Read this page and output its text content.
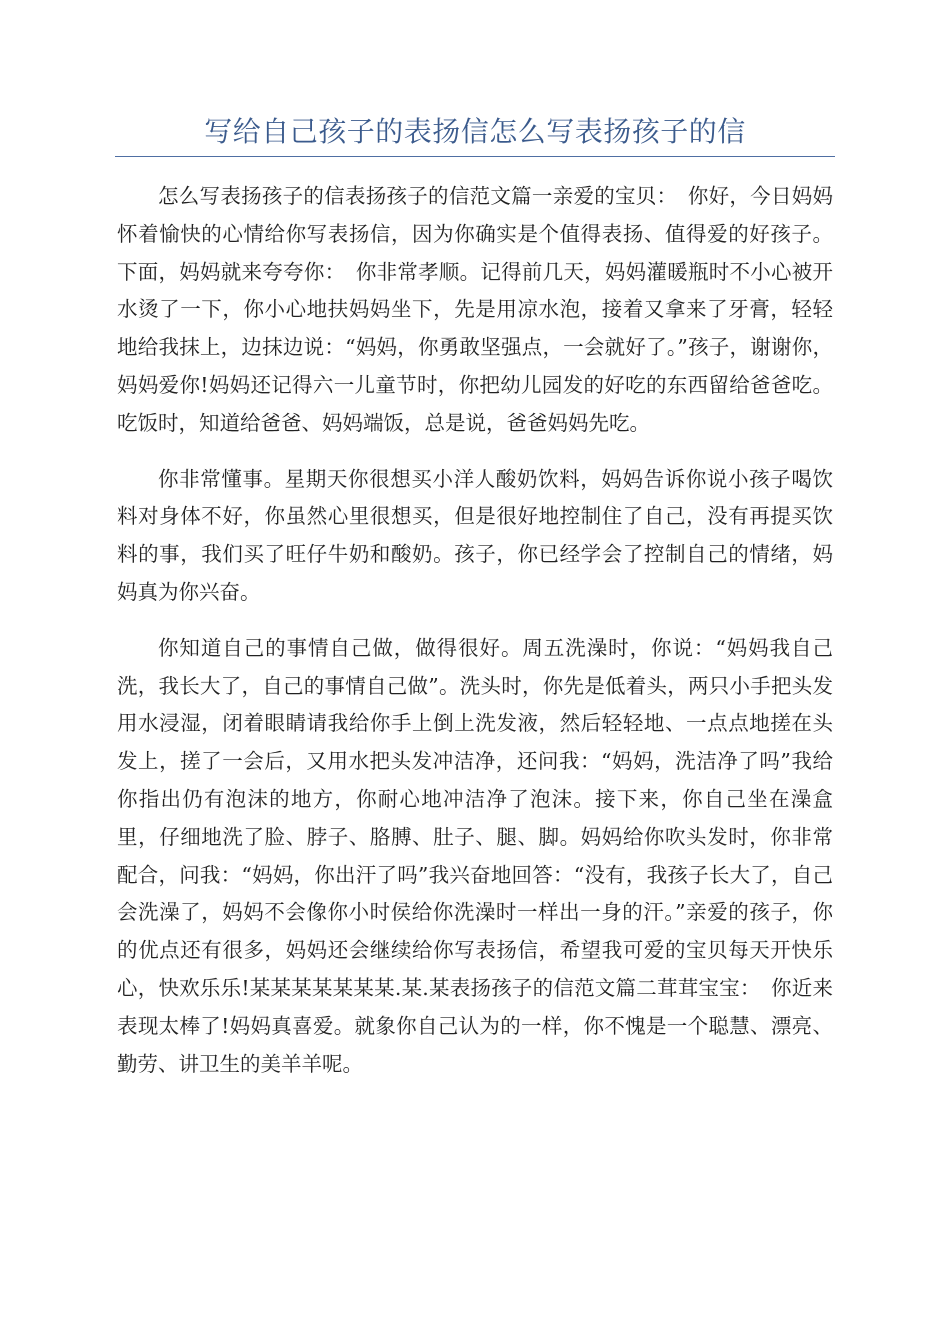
写给自己孩子的表扬信怎么写表扬孩子的信

怎么写表扬孩子的信表扬孩子的信范文篇一亲爱的宝贝：　你好，今日妈妈怀着愉快的心情给你写表扬信，因为你确实是个值得表扬、值得爱的好孩子。下面，妈妈就来夸夸你：　你非常孝顺。记得前几天，妈妈灌暖瓶时不小心被开水烫了一下，你小心地扶妈妈坐下，先是用凉水泡，接着又拿来了牙膏，轻轻地给我抹上，边抹边说：“妈妈，你勇敢坚强点，一会就好了。”孩子，谢谢你，妈妈爱你!妈妈还记得六一儿童节时，你把幼儿园发的好吃的东西留给爸爸吃。吃饭时，知道给爸爸、妈妈端饭，总是说，爸爸妈妈先吃。

你非常懂事。星期天你很想买小洋人酸奶饮料，妈妈告诉你说小孩子喝饮料对身体不好，你虽然心里很想买，但是很好地控制住了自己，没有再提买饮料的事，我们买了旺仔牛奶和酸奶。孩子，你已经学会了控制自己的情绪，妈妈真为你兴奋。

你知道自己的事情自己做，做得很好。周五洗澡时，你说：“妈妈我自己洗，我长大了，自己的事情自己做”。洗头时，你先是低着头，两只小手把头发用水浸湿，闭着眼睛请我给你手上倒上洗发液，然后轻轻地、一点点地搓在头发上，搓了一会后，又用水把头发冲洁净，还问我：“妈妈，洗洁净了吗”我给你指出仍有泡沫的地方，你耐心地冲洁净了泡沫。接下来，你自己坐在澡盒里，仔细地洗了脸、脖子、胳膊、肚子、腿、脚。妈妈给你吹头发时，你非常配合，问我：“妈妈，你出汗了吗”我兴奋地回答：“没有，我孩子长大了，自己会洗澡了，妈妈不会像你小时侯给你洗澡时一样出一身的汗。”亲爱的孩子，你的优点还有很多，妈妈还会继续给你写表扬信，希望我可爱的宝贝每天开快乐心，快欢乐乐!某某某某某某某.某.某表扬孩子的信范文篇二茸茸宝宝：　你近来表现太棒了!妈妈真喜爱。就象你自己认为的一样，你不愧是一个聪慧、漂亮、勤劳、讲卫生的美羊羊呢。
